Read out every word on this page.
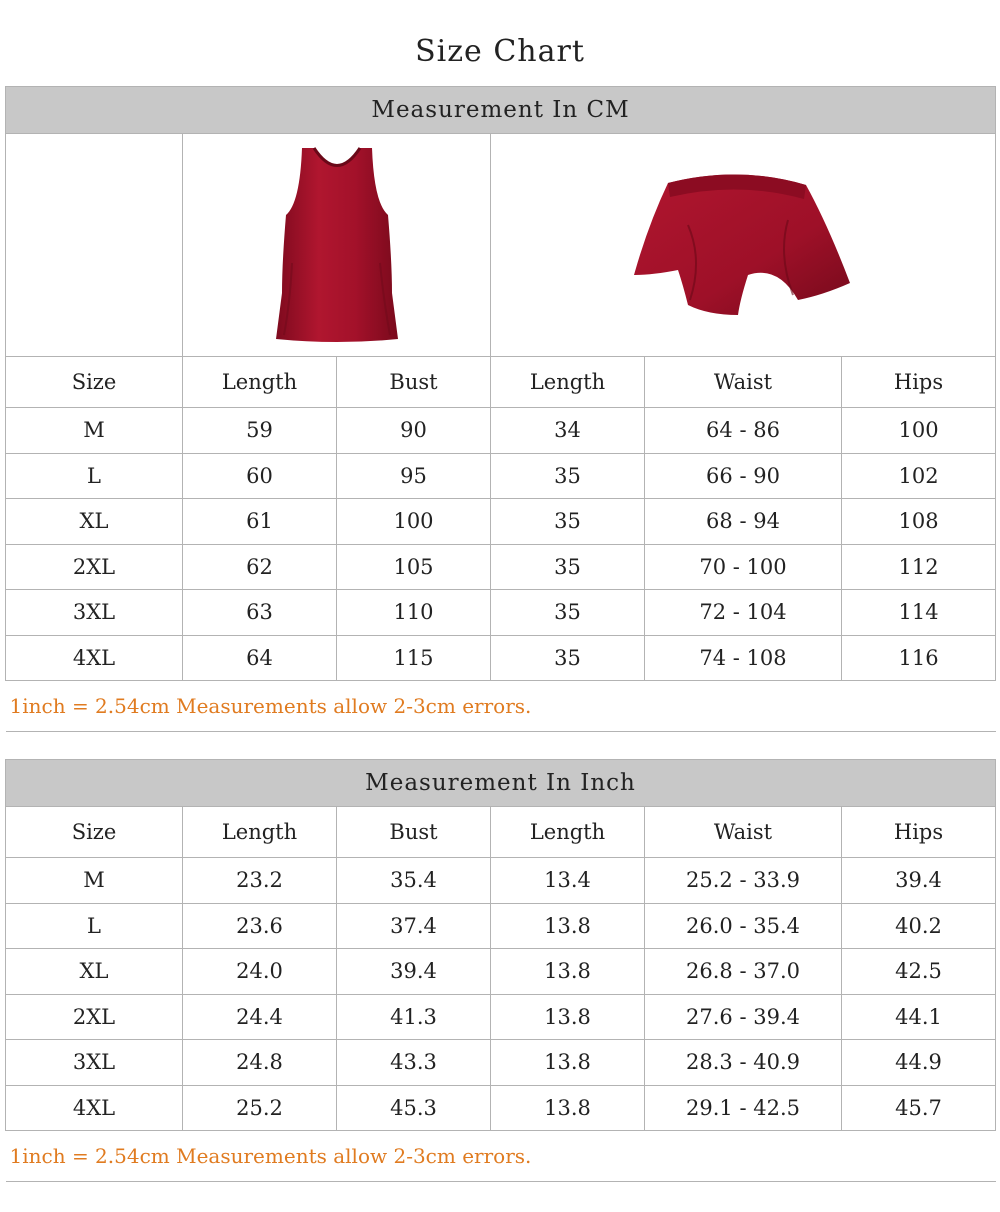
Size Chart
Measurement In CM					

Size	Length	Bust	Length	Waist	Hips
M	59	90	34	64 - 86	100
L	60	95	35	66 - 90	102
XL	61	100	35	68 - 94	108
2XL	62	105	35	70 - 100	112
3XL	63	110	35	72 - 104	114
4XL	64	115	35	74 - 108	116
1inch = 2.54cm Measurements allow 2-3cm errors.					
Measurement In Inch					
Size	Length	Bust	Length	Waist	Hips
M	23.2	35.4	13.4	25.2 - 33.9	39.4
L	23.6	37.4	13.8	26.0 - 35.4	40.2
XL	24.0	39.4	13.8	26.8 - 37.0	42.5
2XL	24.4	41.3	13.8	27.6 - 39.4	44.1
3XL	24.8	43.3	13.8	28.3 - 40.9	44.9
4XL	25.2	45.3	13.8	29.1 - 42.5	45.7
1inch = 2.54cm Measurements allow 2-3cm errors.					
